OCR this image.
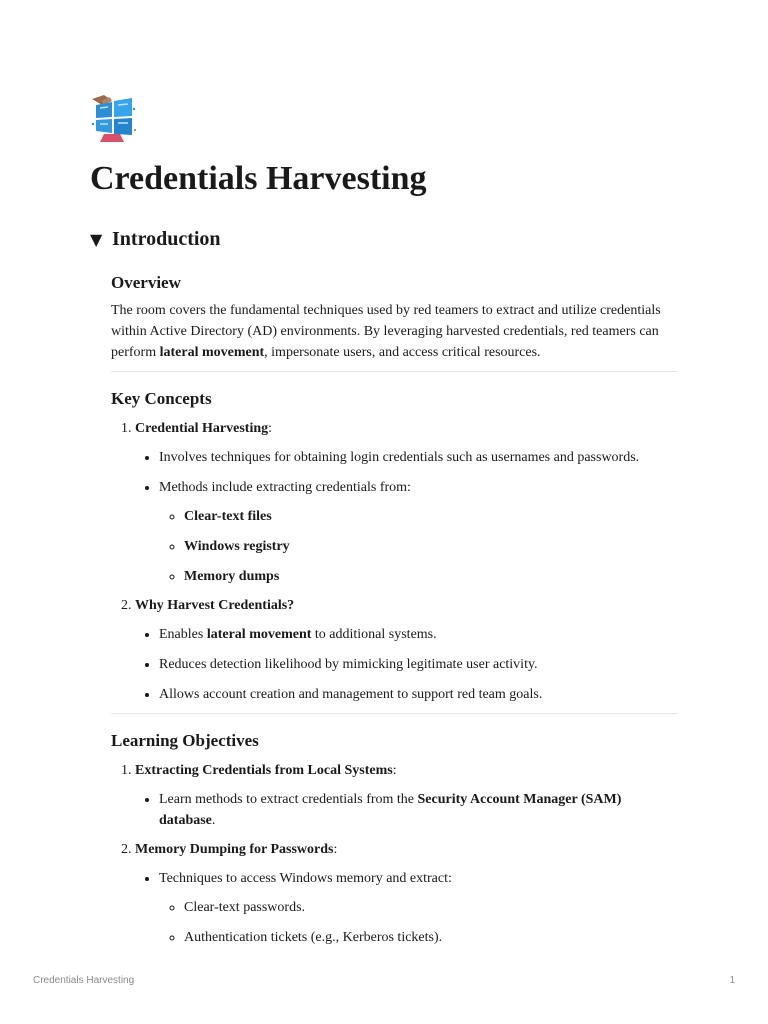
Credentials Harvesting
▼ Introduction
Overview

The room covers the fundamental techniques used by red teamers to extract and utilize credentials within Active Directory (AD) environments. By leveraging harvested credentials, red teamers can perform lateral movement, impersonate users, and access critical resources.

Key Concepts
1. Credential Harvesting:
• Involves techniques for obtaining login credentials such as usernames and passwords.
• Methods include extracting credentials from:
◦ Clear-text files
◦ Windows registry
◦ Memory dumps
2. Why Harvest Credentials?
• Enables lateral movement to additional systems.
• Reduces detection likelihood by mimicking legitimate user activity.
• Allows account creation and management to support red team goals.
Learning Objectives
1. Extracting Credentials from Local Systems:
• Learn methods to extract credentials from the Security Account Manager (SAM) database.
2. Memory Dumping for Passwords:
• Techniques to access Windows memory and extract:
◦ Clear-text passwords.
◦ Authentication tickets (e.g., Kerberos tickets).
Credentials Harvesting	1
